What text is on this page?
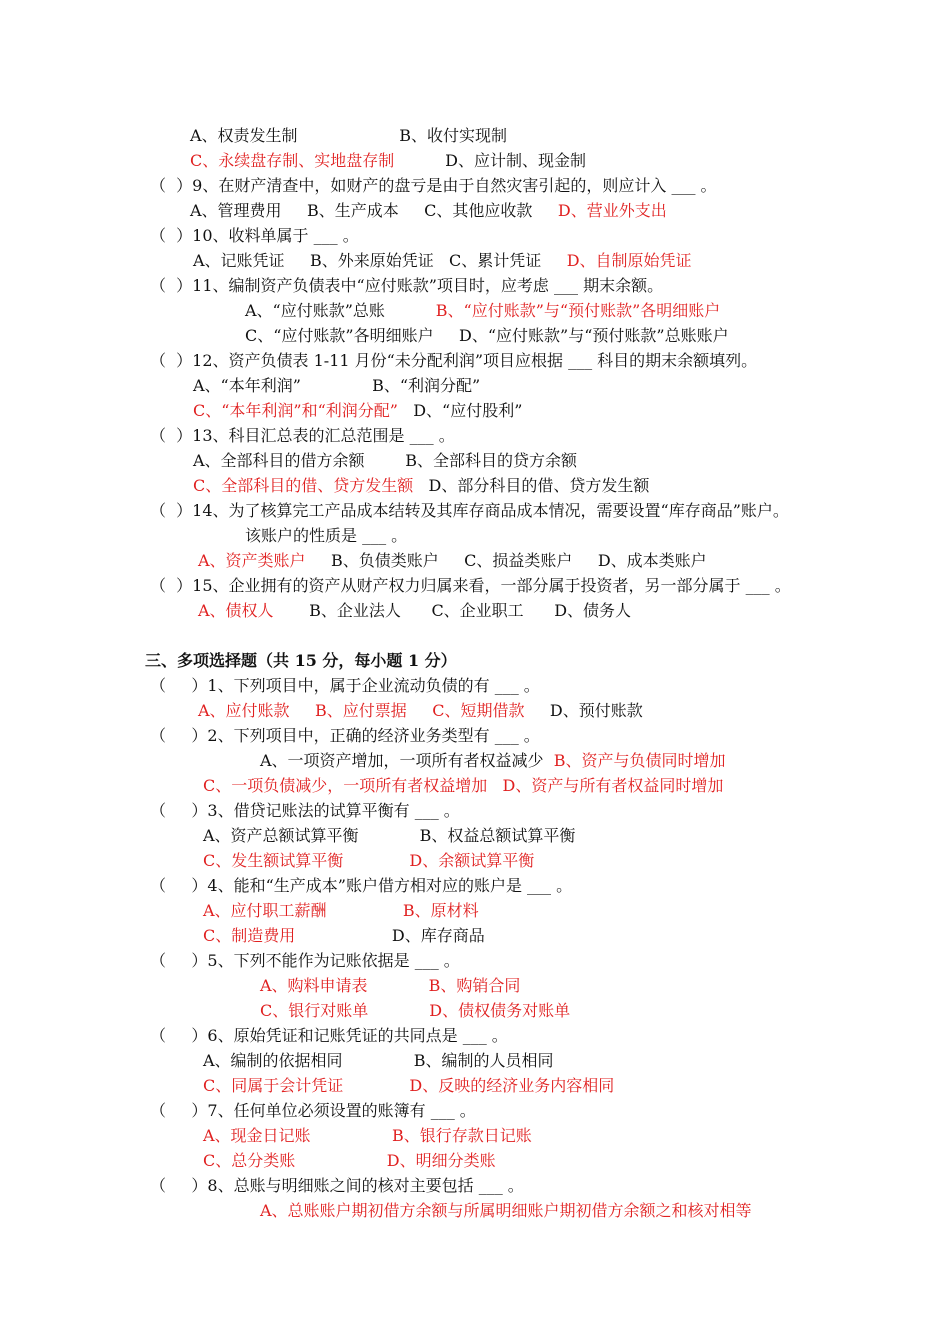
A、权责发生制	B、收付实现制
C、永续盘存制、实地盘存制	D、应计制、现金制
（  ）9、在财产清查中，如财产的盘亏是由于自然灾害引起的，则应计入 ___ 。
A、管理费用     B、生产成本     C、其他应收款     D、营业外支出
（  ）10、收料单属于 ___ 。
A、记账凭证     B、外来原始凭证   C、累计凭证     D、自制原始凭证
（  ）11、编制资产负债表中“应付账款”项目时，应考虑 ___ 期末余额。
A、“应付账款”总账          B、“应付账款”与“预付账款”各明细账户
C、“应付账款”各明细账户     D、“应付账款”与“预付账款”总账账户
（  ）12、资产负债表 1-11 月份“未分配利润”项目应根据 ___ 科目的期末余额填列。
A、“本年利润”              B、“利润分配”
C、“本年利润”和“利润分配”   D、“应付股利”
（  ）13、科目汇总表的汇总范围是 ___ 。
A、全部科目的借方余额        B、全部科目的贷方余额
C、全部科目的借、贷方发生额   D、部分科目的借、贷方发生额
（  ）14、为了核算完工产品成本结转及其库存商品成本情况，需要设置“库存商品”账户。
该账户的性质是 ___ 。
A、资产类账户     B、负债类账户     C、损益类账户     D、成本类账户
（  ）15、企业拥有的资产从财产权力归属来看，一部分属于投资者，另一部分属于 ___ 。
A、债权人       B、企业法人      C、企业职工      D、债务人
三、多项选择题（共 15 分，每小题 1 分）
（     ）1、下列项目中，属于企业流动负债的有 ___ 。
A、应付账款 B、应付票据 C、短期借款     D、预付账款
（     ）2、下列项目中，正确的经济业务类型有 ___ 。
A、一项资产增加，一项所有者权益减少  B、资产与负债同时增加
C、一项负债减少，一项所有者权益增加 D、资产与所有者权益同时增加
（     ）3、借贷记账法的试算平衡有 ___ 。
A、资产总额试算平衡            B、权益总额试算平衡
C、发生额试算平衡	D、余额试算平衡
（     ）4、能和“生产成本”账户借方相对应的账户是 ___ 。
A、应付职工薪酬	B、原材料
C、制造费用                   D、库存商品
（     ）5、下列不能作为记账依据是 ___ 。
A、购料申请表	B、购销合同
C、银行对账单	D、债权债务对账单
（     ）6、原始凭证和记账凭证的共同点是 ___ 。
A、编制的依据相同              B、编制的人员相同
C、同属于会计凭证	D、反映的经济业务内容相同
（     ）7、任何单位必须设置的账簿有 ___ 。
A、现金日记账	B、银行存款日记账
C、总分类账	D、明细分类账
（     ）8、总账与明细账之间的核对主要包括 ___ 。
A、总账账户期初借方余额与所属明细账户期初借方余额之和核对相等
